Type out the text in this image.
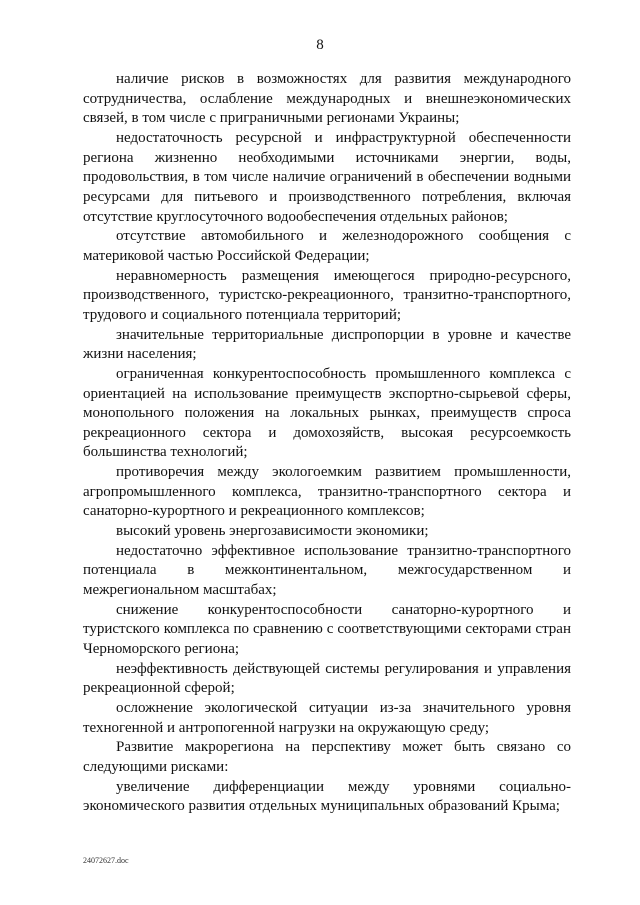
8

наличие рисков в возможностях для развития международного сотрудничества, ослабление международных и внешнеэкономических связей, в том числе с приграничными регионами Украины;

недостаточность ресурсной и инфраструктурной обеспеченности региона жизненно необходимыми источниками энергии, воды, продовольствия, в том числе наличие ограничений в обеспечении водными ресурсами для питьевого и производственного потребления, включая отсутствие круглосуточного водообеспечения отдельных районов;

отсутствие автомобильного и железнодорожного сообщения с материковой частью Российской Федерации;

неравномерность размещения имеющегося природно-ресурсного, производственного, туристско-рекреационного, транзитно-транспортного, трудового и социального потенциала территорий;

значительные территориальные диспропорции в уровне и качестве жизни населения;

ограниченная конкурентоспособность промышленного комплекса с ориентацией на использование преимуществ экспортно-сырьевой сферы, монопольного положения на локальных рынках, преимуществ спроса рекреационного сектора и домохозяйств, высокая ресурсоемкость большинства технологий;

противоречия между экологоемким развитием промышленности, агропромышленного комплекса, транзитно-транспортного сектора и санаторно-курортного и рекреационного комплексов;

высокий уровень энергозависимости экономики;

недостаточно эффективное использование транзитно-транспортного потенциала в межконтинентальном, межгосударственном и межрегиональном масштабах;

снижение конкурентоспособности санаторно-курортного и туристского комплекса по сравнению с соответствующими секторами стран Черноморского региона;

неэффективность действующей системы регулирования и управления рекреационной сферой;

осложнение экологической ситуации из-за значительного уровня техногенной и антропогенной нагрузки на окружающую среду;

Развитие макрорегиона на перспективу может быть связано со следующими рисками:

увеличение дифференциации между уровнями социально-экономического развития отдельных муниципальных образований Крыма;

24072627.doc
